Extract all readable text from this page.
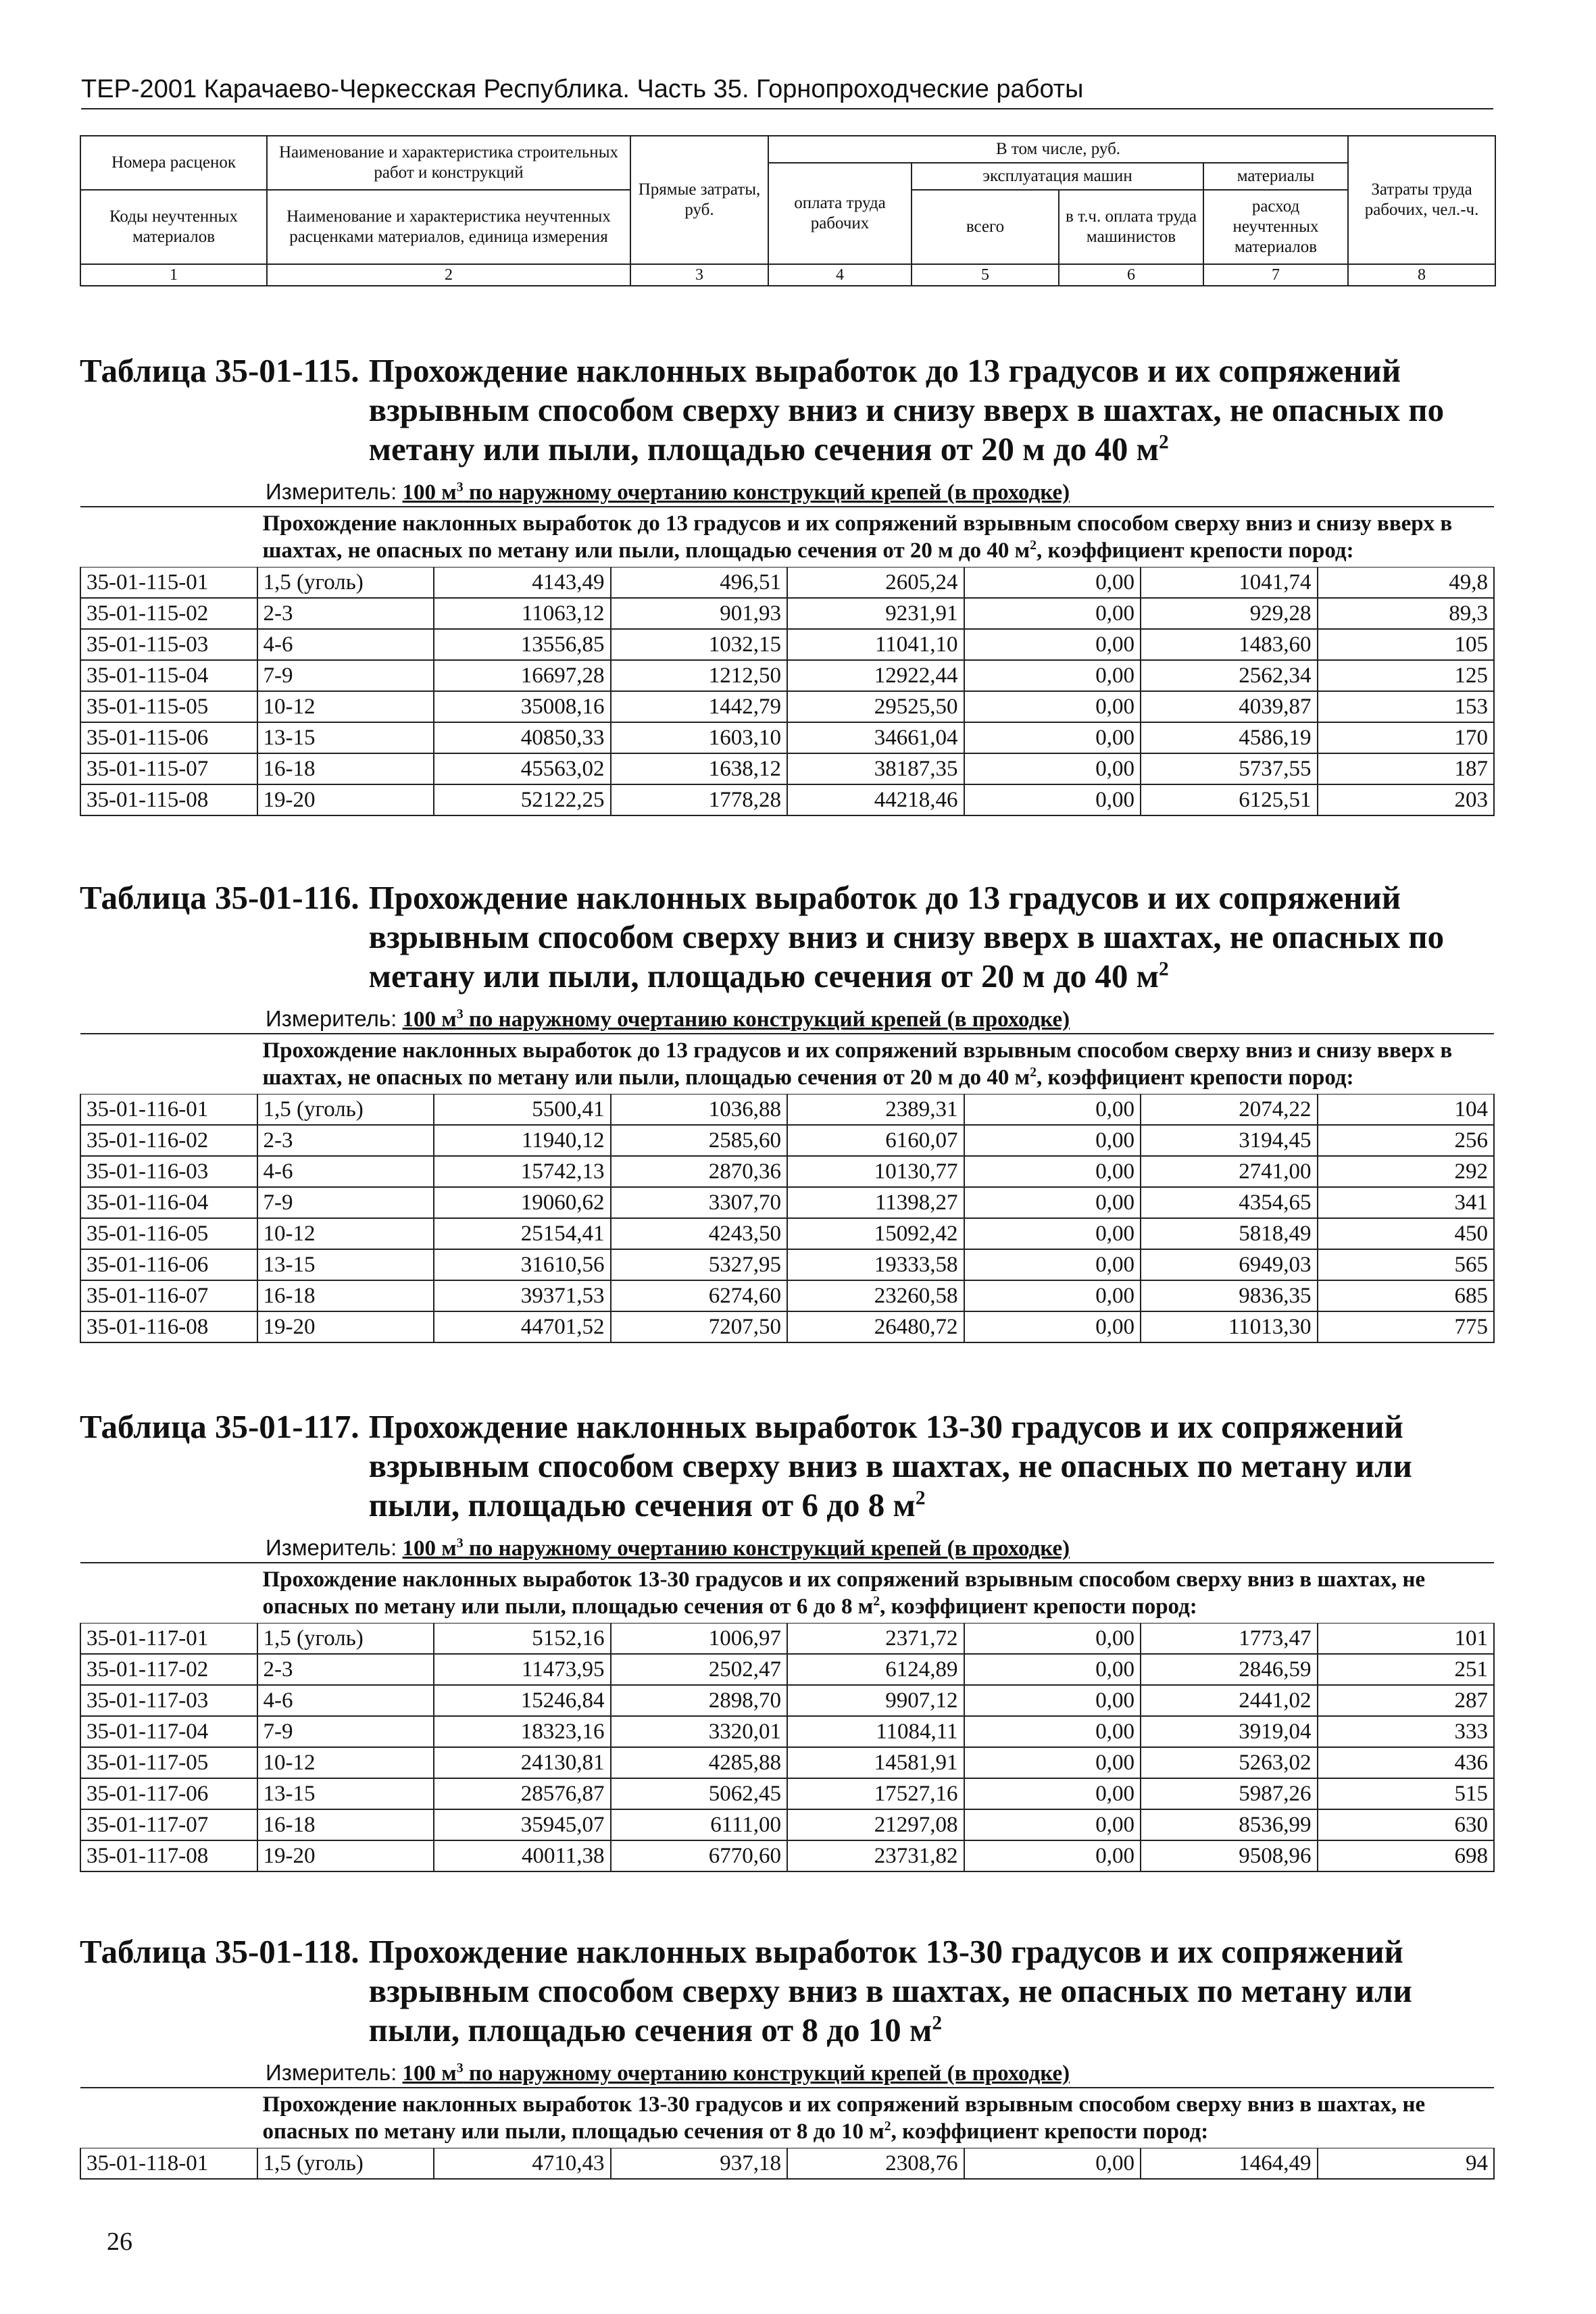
ТЕР-2001 Карачаево-Черкесская Республика. Часть 35. Горнопроходческие работы
Номера расценок	Наименование и характеристика строительных работ и конструкций	Прямые затраты, руб.	В том числе, руб.				Затраты труда рабочих, чел.-ч.
			оплата труда рабочих	эксплуатация машин		материалы	
Коды неучтенных материалов	Наименование и характеристика неучтенных расценками материалов, единица измерения			всего	в т.ч. оплата труда машинистов	расход неучтенных материалов	

1	2	3	4	5	6	7	8
Таблица 35-01-115. Прохождение наклонных выработок до 13 градусов и их сопряжений взрывным способом сверху вниз и снизу вверх в шахтах, не опасных по метану или пыли, площадью сечения от 20 м до 40 $м^2$
Измеритель: 100 $м^3$ по наружному очертанию конструкций крепей (в проходке)
	Прохождение наклонных выработок до 13 градусов и их сопряжений взрывным способом сверху вниз и снизу вверх в шахтах, не опасных по метану или пыли, площадью сечения от 20 м до 40 $м^2$, коэффициент крепости пород:						
35-01-115-01	1,5 (уголь)	4143,49	496,51	2605,24	0,00	1041,74	49,8
35-01-115-02	2-3	11063,12	901,93	9231,91	0,00	929,28	89,3
35-01-115-03	4-6	13556,85	1032,15	11041,10	0,00	1483,60	105
35-01-115-04	7-9	16697,28	1212,50	12922,44	0,00	2562,34	125
35-01-115-05	10-12	35008,16	1442,79	29525,50	0,00	4039,87	153
35-01-115-06	13-15	40850,33	1603,10	34661,04	0,00	4586,19	170
35-01-115-07	16-18	45563,02	1638,12	38187,35	0,00	5737,55	187
35-01-115-08	19-20	52122,25	1778,28	44218,46	0,00	6125,51	203
Таблица 35-01-116. Прохождение наклонных выработок до 13 градусов и их сопряжений взрывным способом сверху вниз и снизу вверх в шахтах, не опасных по метану или пыли, площадью сечения от 20 м до 40 $м^2$
Измеритель: 100 $м^3$ по наружному очертанию конструкций крепей (в проходке)
	Прохождение наклонных выработок до 13 градусов и их сопряжений взрывным способом сверху вниз и снизу вверх в шахтах, не опасных по метану или пыли, площадью сечения от 20 м до 40 $м^2$, коэффициент крепости пород:						
35-01-116-01	1,5 (уголь)	5500,41	1036,88	2389,31	0,00	2074,22	104
35-01-116-02	2-3	11940,12	2585,60	6160,07	0,00	3194,45	256
35-01-116-03	4-6	15742,13	2870,36	10130,77	0,00	2741,00	292
35-01-116-04	7-9	19060,62	3307,70	11398,27	0,00	4354,65	341
35-01-116-05	10-12	25154,41	4243,50	15092,42	0,00	5818,49	450
35-01-116-06	13-15	31610,56	5327,95	19333,58	0,00	6949,03	565
35-01-116-07	16-18	39371,53	6274,60	23260,58	0,00	9836,35	685
35-01-116-08	19-20	44701,52	7207,50	26480,72	0,00	11013,30	775
Таблица 35-01-117. Прохождение наклонных выработок 13-30 градусов и их сопряжений взрывным способом сверху вниз в шахтах, не опасных по метану или пыли, площадью сечения от 6 до 8 $м^2$
Измеритель: 100 $м^3$ по наружному очертанию конструкций крепей (в проходке)
	Прохождение наклонных выработок 13-30 градусов и их сопряжений взрывным способом сверху вниз в шахтах, не опасных по метану или пыли, площадью сечения от 6 до 8 $м^2$, коэффициент крепости пород:						
35-01-117-01	1,5 (уголь)	5152,16	1006,97	2371,72	0,00	1773,47	101
35-01-117-02	2-3	11473,95	2502,47	6124,89	0,00	2846,59	251
35-01-117-03	4-6	15246,84	2898,70	9907,12	0,00	2441,02	287
35-01-117-04	7-9	18323,16	3320,01	11084,11	0,00	3919,04	333
35-01-117-05	10-12	24130,81	4285,88	14581,91	0,00	5263,02	436
35-01-117-06	13-15	28576,87	5062,45	17527,16	0,00	5987,26	515
35-01-117-07	16-18	35945,07	6111,00	21297,08	0,00	8536,99	630
35-01-117-08	19-20	40011,38	6770,60	23731,82	0,00	9508,96	698
Таблица 35-01-118. Прохождение наклонных выработок 13-30 градусов и их сопряжений взрывным способом сверху вниз в шахтах, не опасных по метану или пыли, площадью сечения от 8 до 10 $м^2$
Измеритель: 100 $м^3$ по наружному очертанию конструкций крепей (в проходке)
	Прохождение наклонных выработок 13-30 градусов и их сопряжений взрывным способом сверху вниз в шахтах, не опасных по метану или пыли, площадью сечения от 8 до 10 $м^2$, коэффициент крепости пород:						
35-01-118-01	1,5 (уголь)	4710,43	937,18	2308,76	0,00	1464,49	94
26
